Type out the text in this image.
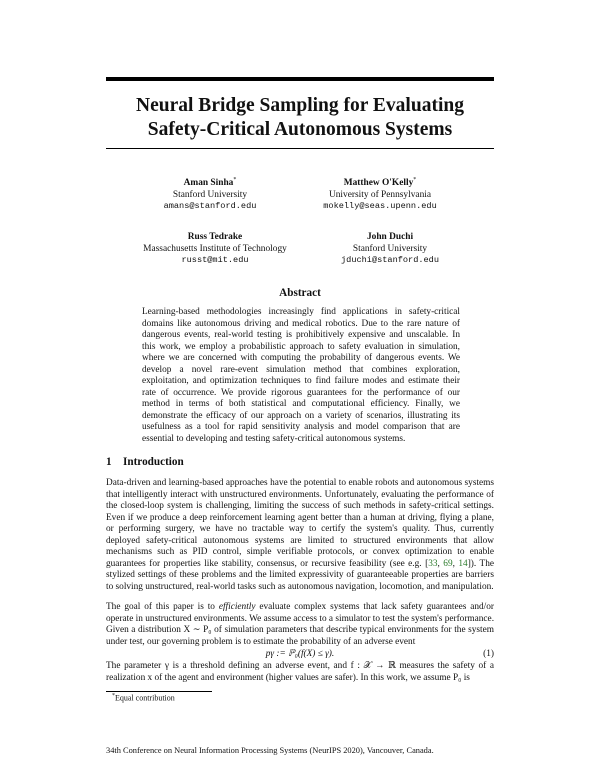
Neural Bridge Sampling for Evaluating
Safety-Critical Autonomous Systems
Aman Sinha*
Stanford University
amans@stanford.edu
Matthew O'Kelly*
University of Pennsylvania
mokelly@seas.upenn.edu
Russ Tedrake
Massachusetts Institute of Technology
russt@mit.edu
John Duchi
Stanford University
jduchi@stanford.edu
Abstract
Learning-based methodologies increasingly find applications in safety-critical domains like autonomous driving and medical robotics. Due to the rare nature of dangerous events, real-world testing is prohibitively expensive and unscalable. In this work, we employ a probabilistic approach to safety evaluation in simulation, where we are concerned with computing the probability of dangerous events. We develop a novel rare-event simulation method that combines exploration, exploitation, and optimization techniques to find failure modes and estimate their rate of occurrence. We provide rigorous guarantees for the performance of our method in terms of both statistical and computational efficiency. Finally, we demonstrate the efficacy of our approach on a variety of scenarios, illustrating its usefulness as a tool for rapid sensitivity analysis and model comparison that are essential to developing and testing safety-critical autonomous systems.
1 Introduction
Data-driven and learning-based approaches have the potential to enable robots and autonomous systems that intelligently interact with unstructured environments. Unfortunately, evaluating the performance of the closed-loop system is challenging, limiting the success of such methods in safety-critical settings. Even if we produce a deep reinforcement learning agent better than a human at driving, flying a plane, or performing surgery, we have no tractable way to certify the system's quality. Thus, currently deployed safety-critical autonomous systems are limited to structured environments that allow mechanisms such as PID control, simple verifiable protocols, or convex optimization to enable guarantees for properties like stability, consensus, or recursive feasibility (see e.g. [33, 69, 14]). The stylized settings of these problems and the limited expressivity of guaranteeable properties are barriers to solving unstructured, real-world tasks such as autonomous navigation, locomotion, and manipulation.
The goal of this paper is to efficiently evaluate complex systems that lack safety guarantees and/or operate in unstructured environments. We assume access to a simulator to test the system's performance. Given a distribution X ∼ P₀ of simulation parameters that describe typical environments for the system under test, our governing problem is to estimate the probability of an adverse event
pγ := ℙ₀(f(X) ≤ γ).	(1)
The parameter γ is a threshold defining an adverse event, and f : 𝒳 → ℝ measures the safety of a realization x of the agent and environment (higher values are safer). In this work, we assume P₀ is
*Equal contribution
34th Conference on Neural Information Processing Systems (NeurIPS 2020), Vancouver, Canada.
